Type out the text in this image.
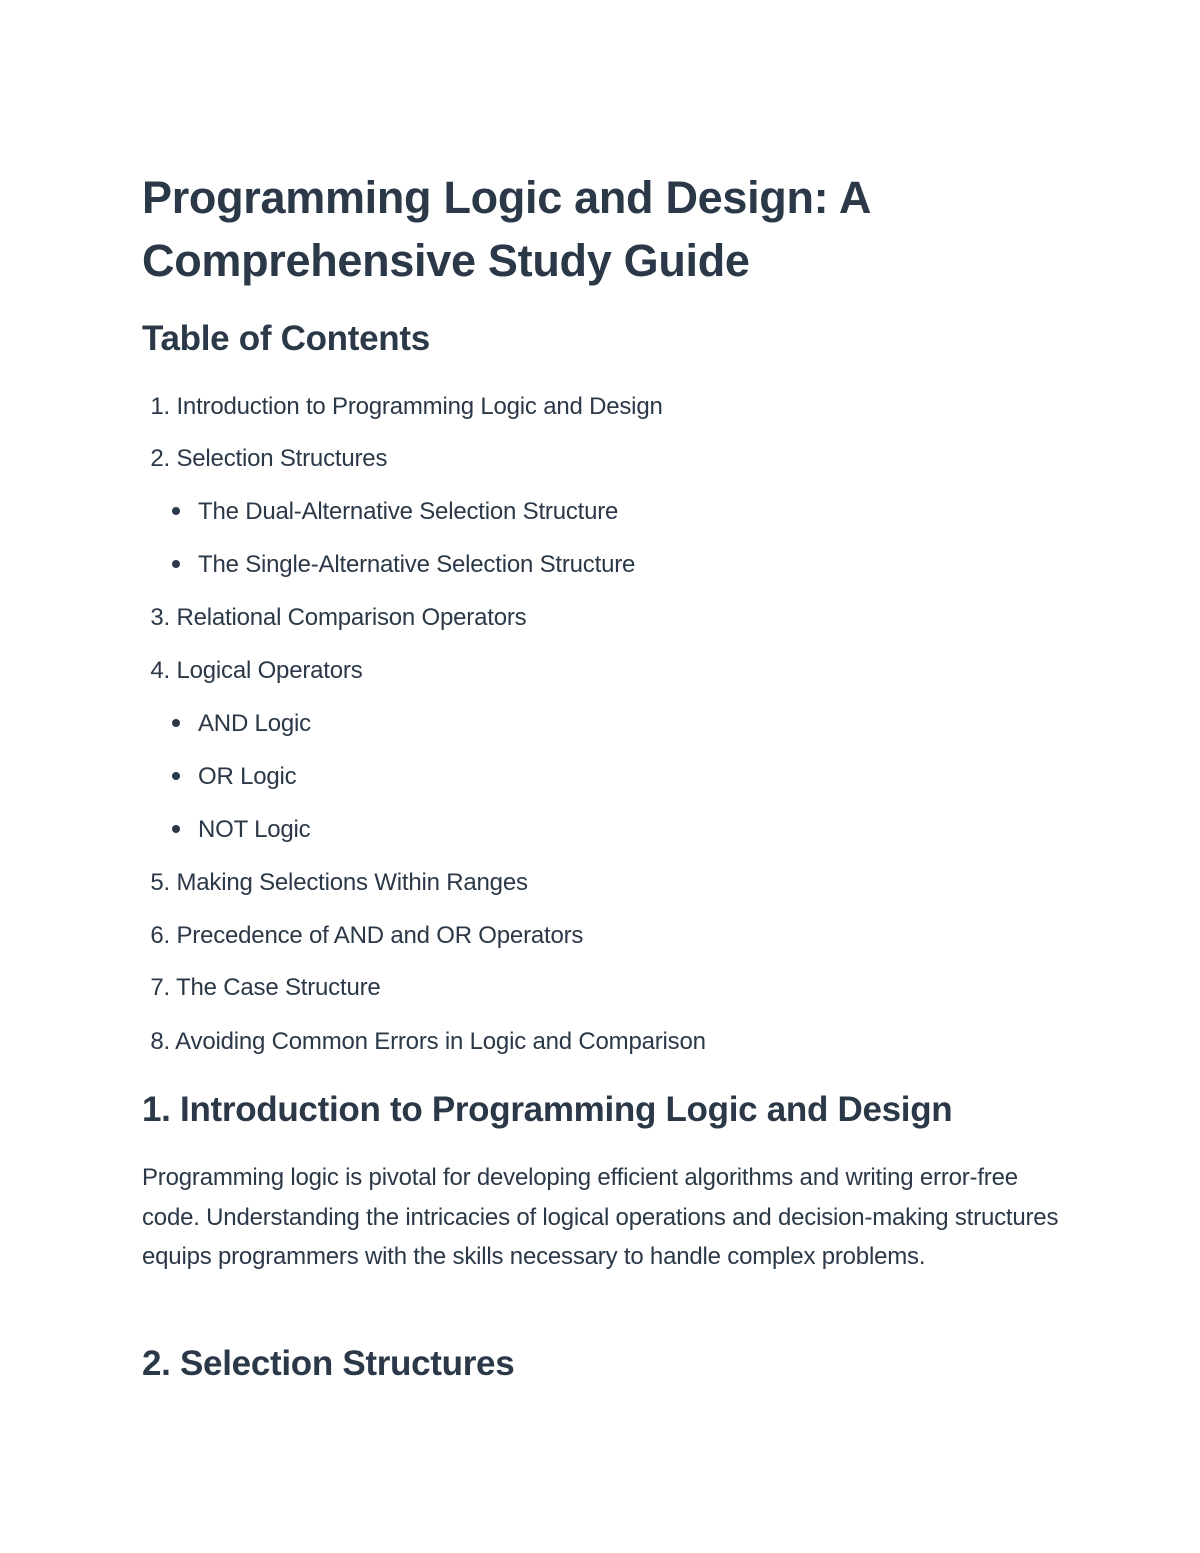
Programming Logic and Design: A Comprehensive Study Guide
Table of Contents
1. Introduction to Programming Logic and Design
2. Selection Structures
The Dual-Alternative Selection Structure
The Single-Alternative Selection Structure
3. Relational Comparison Operators
4. Logical Operators
AND Logic
OR Logic
NOT Logic
5. Making Selections Within Ranges
6. Precedence of AND and OR Operators
7. The Case Structure
8. Avoiding Common Errors in Logic and Comparison
1. Introduction to Programming Logic and Design

Programming logic is pivotal for developing efficient algorithms and writing error-free code. Understanding the intricacies of logical operations and decision-making structures equips programmers with the skills necessary to handle complex problems.

2. Selection Structures
